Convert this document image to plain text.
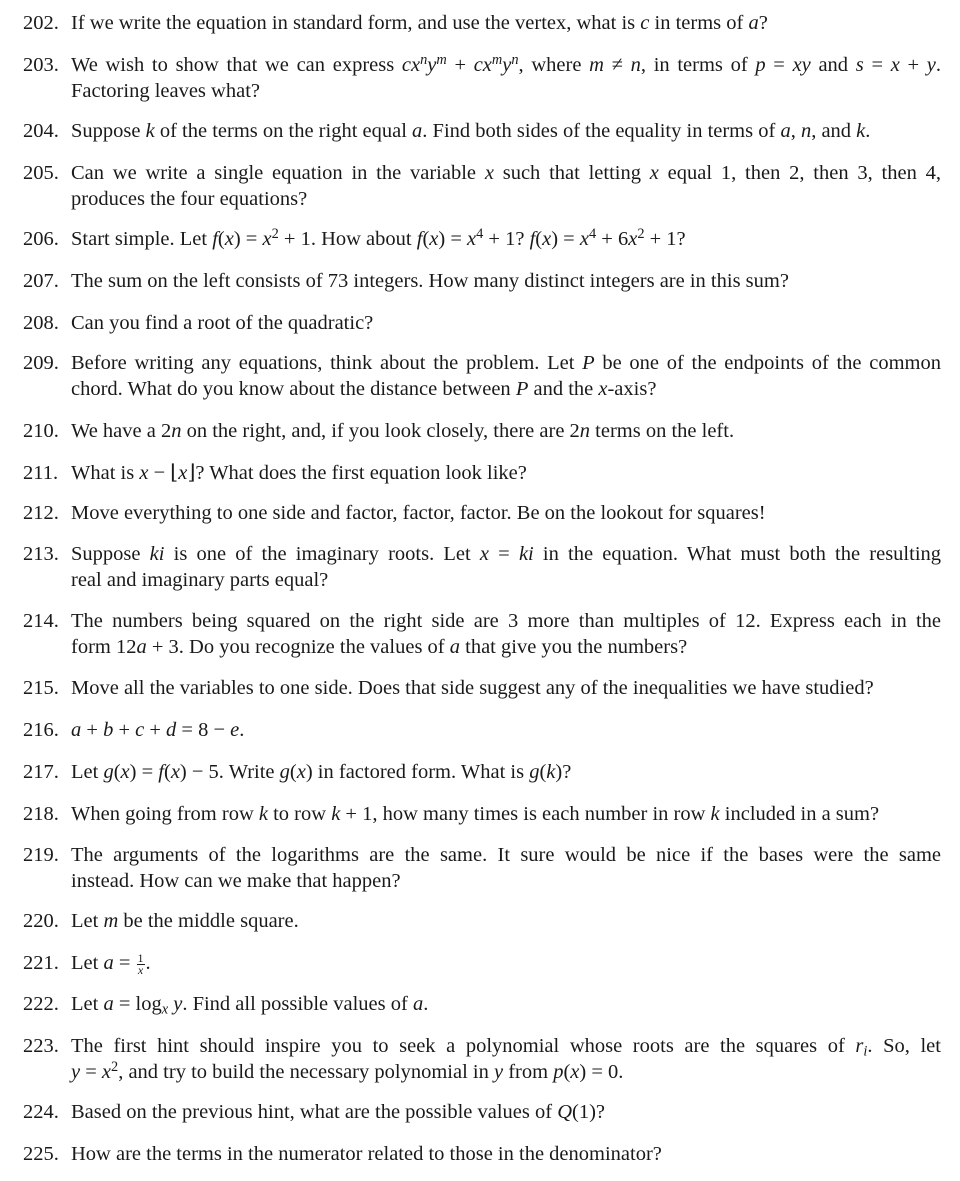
202. If we write the equation in standard form, and use the vertex, what is c in terms of a?
203. We wish to show that we can express $cx^ny^m + cx^my^n$, where m ≠ n, in terms of p = xy and s = x + y.
Factoring leaves what?
204. Suppose k of the terms on the right equal a. Find both sides of the equality in terms of a, n, and k.
205. Can we write a single equation in the variable x such that letting x equal 1, then 2, then 3, then 4,
produces the four equations?
206. Start simple. Let $f(x) = x^2 + 1$. How about $f(x) = x^4 + 1$? $f(x) = x^4 + 6x^2 + 1$?
207. The sum on the left consists of 73 integers. How many distinct integers are in this sum?
208. Can you find a root of the quadratic?
209. Before writing any equations, think about the problem. Let P be one of the endpoints of the common
chord. What do you know about the distance between P and the x-axis?
210. We have a 2n on the right, and, if you look closely, there are 2n terms on the left.
211. What is x − ⌊x⌋? What does the first equation look like?
212. Move everything to one side and factor, factor, factor. Be on the lookout for squares!
213. Suppose ki is one of the imaginary roots. Let x = ki in the equation. What must both the resulting
real and imaginary parts equal?
214. The numbers being squared on the right side are 3 more than multiples of 12. Express each in the
form 12a + 3. Do you recognize the values of a that give you the numbers?
215. Move all the variables to one side. Does that side suggest any of the inequalities we have studied?
216. a + b + c + d = 8 − e.
217. Let g(x) = f(x) − 5. Write g(x) in factored form. What is g(k)?
218. When going from row k to row k + 1, how many times is each number in row k included in a sum?
219. The arguments of the logarithms are the same. It sure would be nice if the bases were the same
instead. How can we make that happen?
220. Let m be the middle square.
221. Let $a = \frac{1}{x}$ .
222. Let $a = \log_x y$. Find all possible values of a.
223. The first hint should inspire you to seek a polynomial whose roots are the squares of $r_i$. So, let
$y = x^2$, and try to build the necessary polynomial in y from p(x) = 0.
224. Based on the previous hint, what are the possible values of Q(1)?
225. How are the terms in the numerator related to those in the denominator?
